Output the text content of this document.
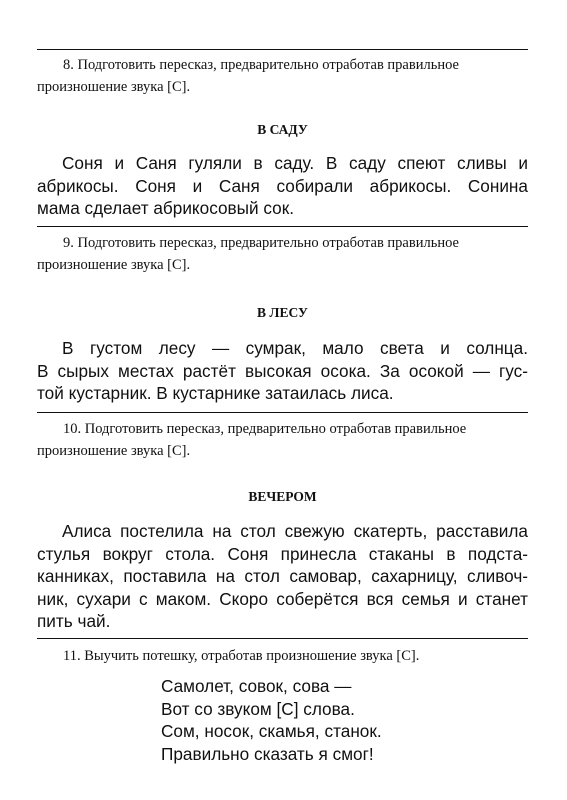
8. Подготовить пересказ, предварительно отработав правильное
произношение звука [С].

В САДУ
Соня и Саня гуляли в саду. В саду спеют сливы и
абрикосы. Соня и Саня собирали абрикосы. Сонина
мама сделает абрикосовый сок.

9. Подготовить пересказ, предварительно отработав правильное
произношение звука [С].

В ЛЕСУ
В густом лесу — сумрак, мало света и солнца.
В сырых местах растёт высокая осока. За осокой — гус-
той кустарник. В кустарнике затаилась лиса.

10. Подготовить пересказ, предварительно отработав правильное
произношение звука [С].

ВЕЧЕРОМ
Алиса постелила на стол свежую скатерть, расставила
стулья вокруг стола. Соня принесла стаканы в подста-
канниках, поставила на стол самовар, сахарницу, сливоч-
ник, сухари с маком. Скоро соберётся вся семья и станет
пить чай.

11. Выучить потешку, отработав произношение звука [С].

Самолет, совок, сова —
Вот со звуком [С] слова.
Сом, носок, скамья, станок.
Правильно сказать я смог!
